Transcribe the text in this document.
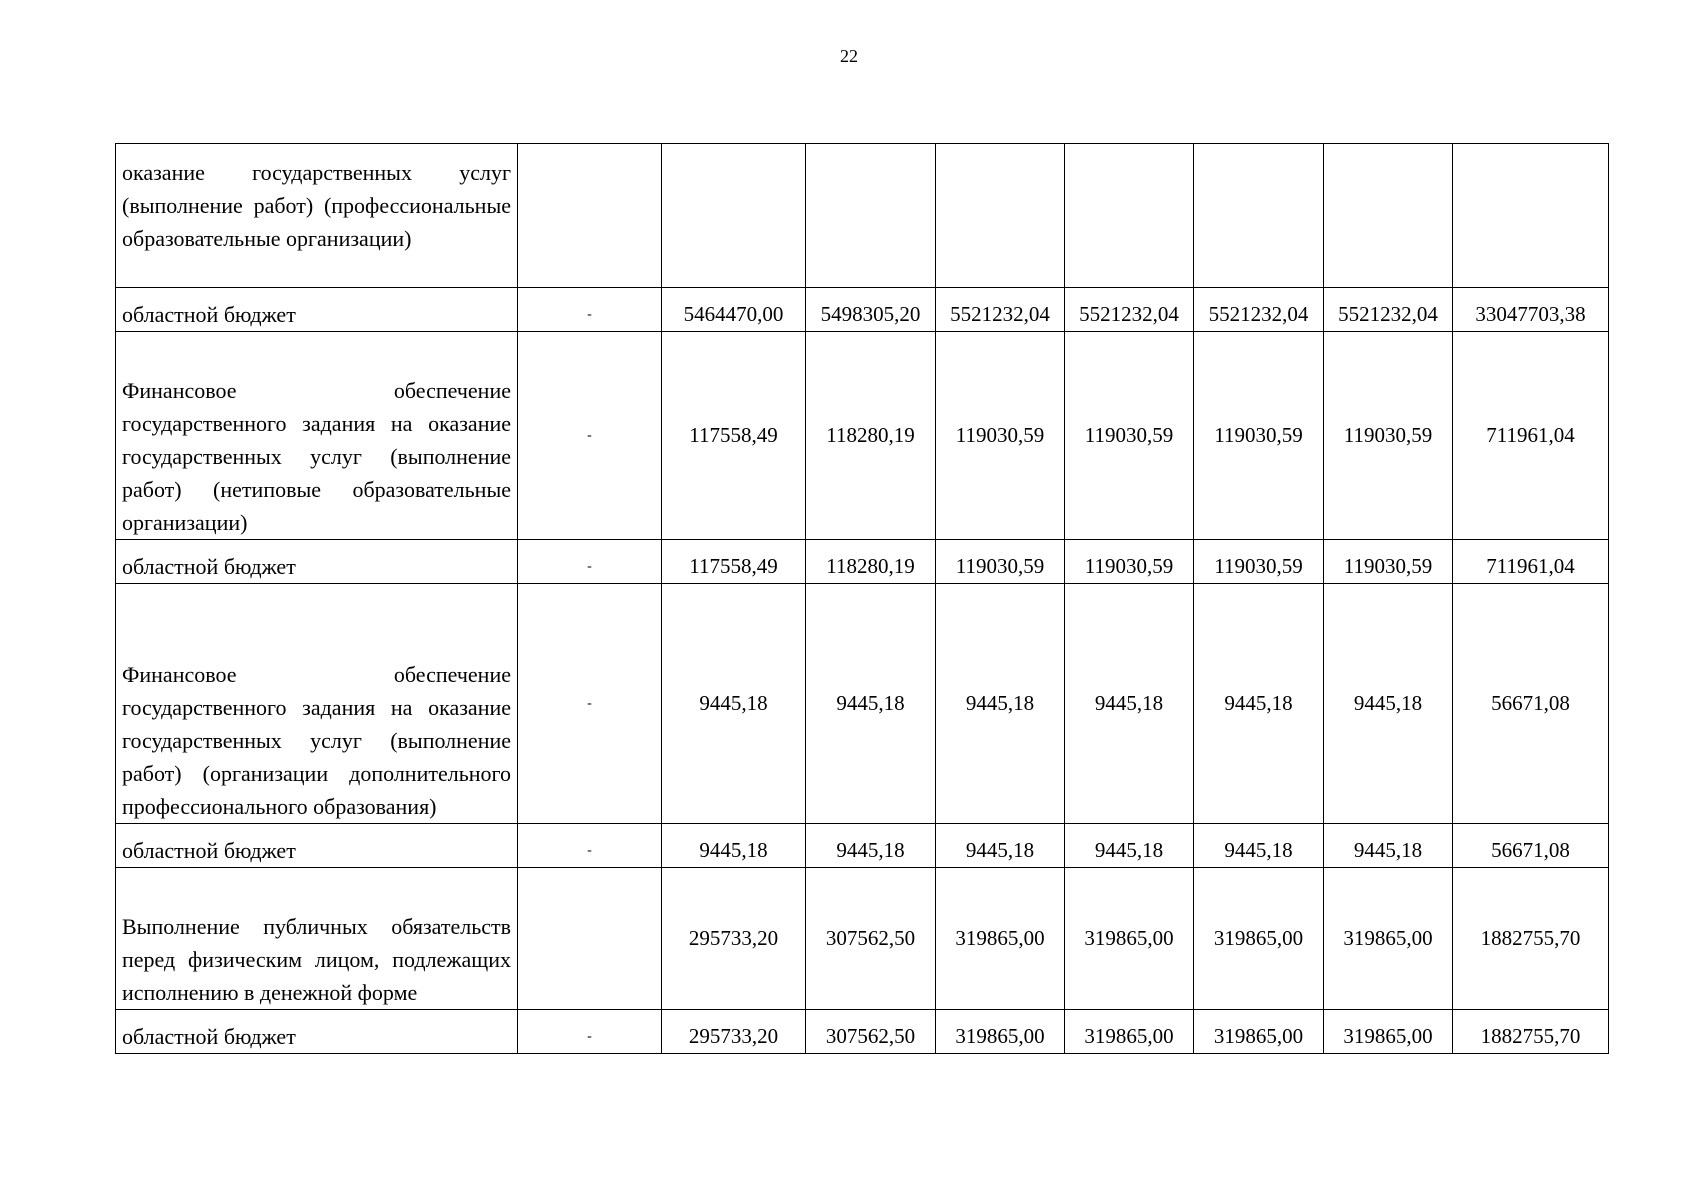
22
оказание государственных услуг (выполнение работ) (профессиональные образовательные организации)								
областной бюджет	-	5464470,00	5498305,20	5521232,04	5521232,04	5521232,04	5521232,04	33047703,38
Финансовое обеспечение государственного задания на оказание государственных услуг (выполнение работ) (нетиповые образовательные организации)	-	117558,49	118280,19	119030,59	119030,59	119030,59	119030,59	711961,04
областной бюджет	-	117558,49	118280,19	119030,59	119030,59	119030,59	119030,59	711961,04
Финансовое обеспечение государственного задания на оказание государственных услуг (выполнение работ) (организации дополнительного профессионального образования)	-	9445,18	9445,18	9445,18	9445,18	9445,18	9445,18	56671,08
областной бюджет	-	9445,18	9445,18	9445,18	9445,18	9445,18	9445,18	56671,08
Выполнение публичных обязательств перед физическим лицом, подлежащих исполнению в денежной форме		295733,20	307562,50	319865,00	319865,00	319865,00	319865,00	1882755,70
областной бюджет	-	295733,20	307562,50	319865,00	319865,00	319865,00	319865,00	1882755,70
